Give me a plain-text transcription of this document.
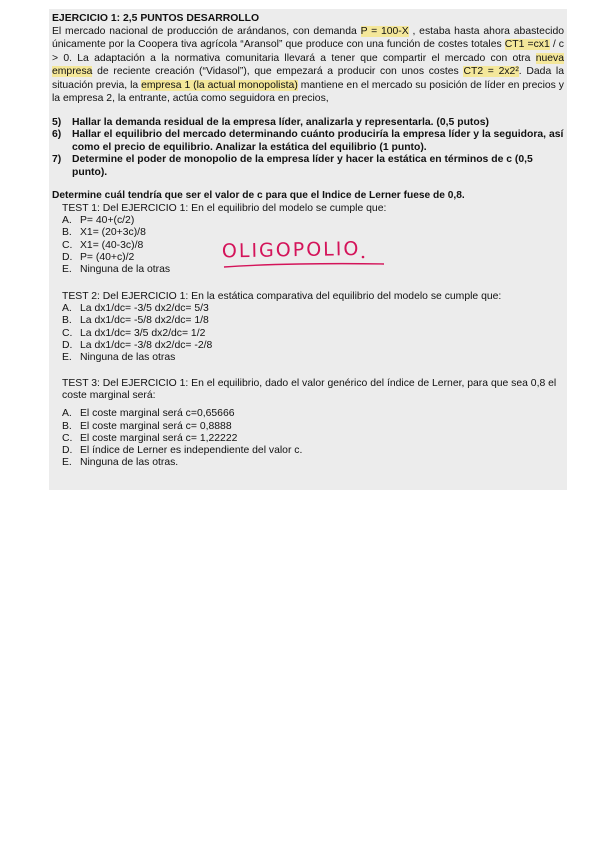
EJERCICIO 1: 2,5 PUNTOS DESARROLLO
El mercado nacional de producción de arándanos, con demanda P = 100-X , estaba hasta ahora abastecido únicamente por la Coopera tiva agrícola “Aransol” que produce con una función de costes totales CT1 =cx1 / c > 0. La adaptación a la normativa comunitaria llevará a tener que compartir el mercado con otra nueva empresa de reciente creación (“Vidasol”), que empezará a producir con unos costes CT2 = 2x2². Dada la situación previa, la empresa 1 (la actual monopolista) mantiene en el mercado su posición de líder en precios y la empresa 2, la entrante, actúa como seguidora en precios,
5)	Hallar la demanda residual de la empresa líder, analizarla y representarla. (0,5 putos)
6)	Hallar el equilibrio del mercado determinando cuánto produciría la empresa líder y la seguidora, así como el precio de equilibrio. Analizar la estática del equilibrio (1 punto).
7)	Determine el poder de monopolio de la empresa líder y hacer la estática en términos de c (0,5 punto).
Determine cuál tendría que ser el valor de c para que el Indice de Lerner fuese de 0,8.
TEST 1: Del EJERCICIO 1: En el equilibrio del modelo se cumple que:
A. P= 40+(c/2)
B. X1= (20+3c)/8
C. X1= (40-3c)/8
D. P= (40+c)/2
E. Ninguna de la otras
OLIGOPOLIO
TEST 2: Del EJERCICIO 1: En la estática comparativa del equilibrio del modelo se cumple que:
A. La dx1/dc= -3/5 dx2/dc= 5/3
B. La dx1/dc= -5/8 dx2/dc= 1/8
C. La dx1/dc= 3/5 dx2/dc= 1/2
D. La dx1/dc= -3/8 dx2/dc= -2/8
E. Ninguna de las otras
TEST 3: Del EJERCICIO 1: En el equilibrio, dado el valor genérico del índice de Lerner, para que sea 0,8 el coste marginal será:
A. El coste marginal será c=0,65666
B. El coste marginal será c= 0,8888
C. El coste marginal será c= 1,22222
D. El índice de Lerner es independiente del valor c.
E. Ninguna de las otras.
